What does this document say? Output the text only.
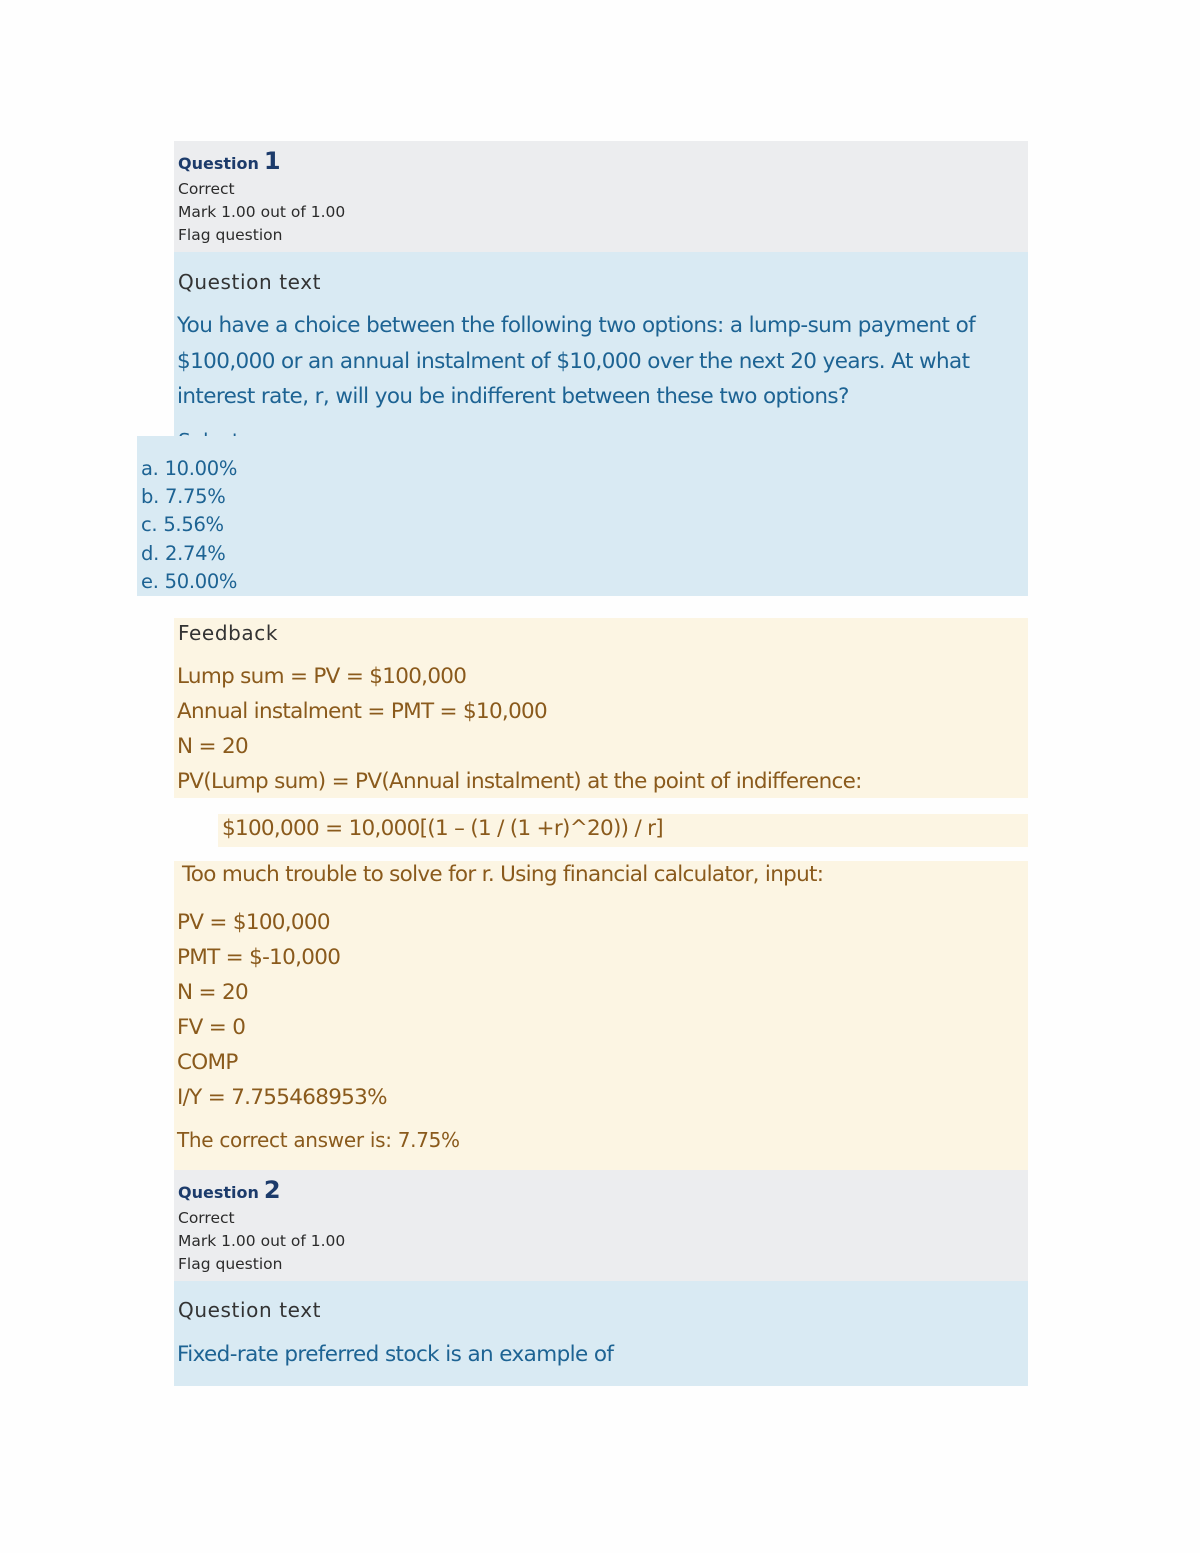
Question 1
Correct
Mark 1.00 out of 1.00
Flag question
Question text

You have a choice between the following two options: a lump-sum payment of $100,000 or an annual instalment of $10,000 over the next 20 years. At what interest rate, r, will you be indifferent between these two options?

a. 10.00%
b. 7.75%
c. 5.56%
d. 2.74%
e. 50.00%
Feedback
Lump sum = PV = $100,000
Annual instalment = PMT = $10,000
N = 20
PV(Lump sum) = PV(Annual instalment) at the point of indifference:
$100,000 = 10,000[(1 – (1 / (1 +r)^20)) / r]
Too much trouble to solve for r. Using financial calculator, input:
PV = $100,000
PMT = $-10,000
N = 20
FV = 0
COMP
I/Y = 7.755468953%
The correct answer is: 7.75%
Question 2
Correct
Mark 1.00 out of 1.00
Flag question
Question text

Fixed-rate preferred stock is an example of
